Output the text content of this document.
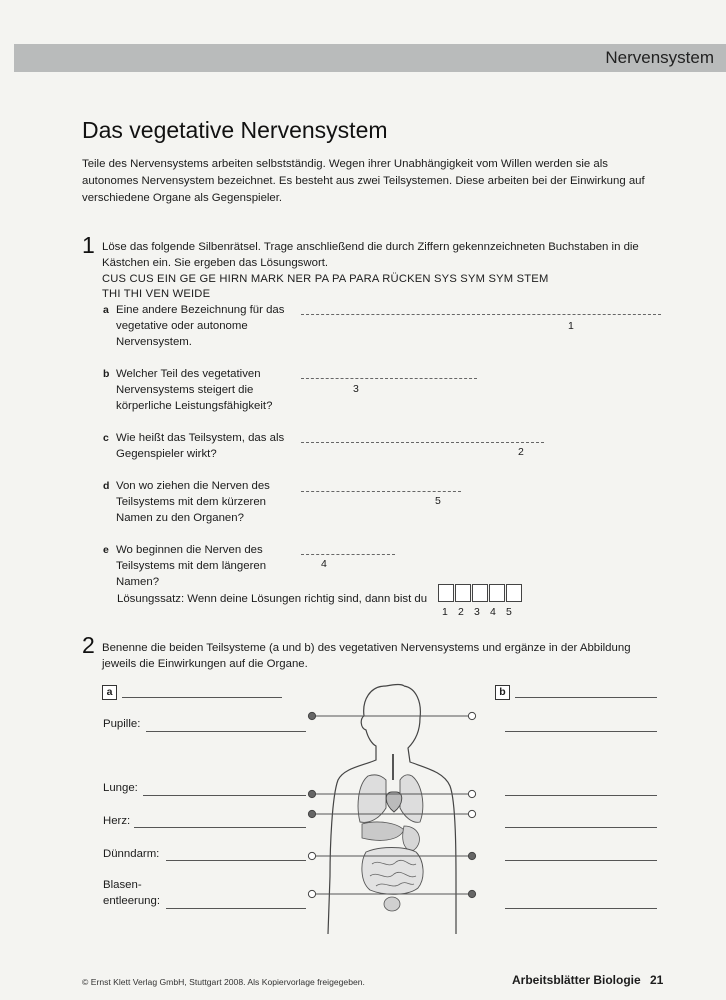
Nervensystem
Das vegetative Nervensystem
Teile des Nervensystems arbeiten selbstständig. Wegen ihrer Unabhängigkeit vom Willen werden sie als autonomes Nervensystem bezeichnet. Es besteht aus zwei Teilsystemen. Diese arbeiten bei der Einwirkung auf verschiedene Organe als Gegenspieler.
1 Löse das folgende Silbenrätsel. Trage anschließend die durch Ziffern gekennzeichneten Buchstaben in die Kästchen ein. Sie ergeben das Lösungswort.
CUS CUS EIN GE GE HIRN MARK NER PA PA PARA RÜCKEN SYS SYM SYM STEM
THI THI VEN WEIDE
a Eine andere Bezeichnung für das vegetative oder autonome Nervensystem.
1
b Welcher Teil des vegetativen Nervensystems steigert die körperliche Leistungsfähigkeit?
3
c Wie heißt das Teilsystem, das als Gegenspieler wirkt?	2
d Von wo ziehen die Nerven des Teilsystems mit dem kürzeren Namen zu den Organen?
5
e Wo beginnen die Nerven des Teilsystems mit dem längeren Namen?
4
Lösungssatz: Wenn deine Lösungen richtig sind, dann bist du
1 2 3 4 5
2 Benenne die beiden Teilsysteme (a und b) des vegetativen Nervensystems und ergänze in der Abbildung jeweils die Einwirkungen auf die Organe.
a	b
Pupille:
Lunge:
Herz:
Dünndarm:
Blasen-
entleerung:
© Ernst Klett Verlag GmbH, Stuttgart 2008. Als Kopiervorlage freigegeben.	Arbeitsblätter Biologie 21
